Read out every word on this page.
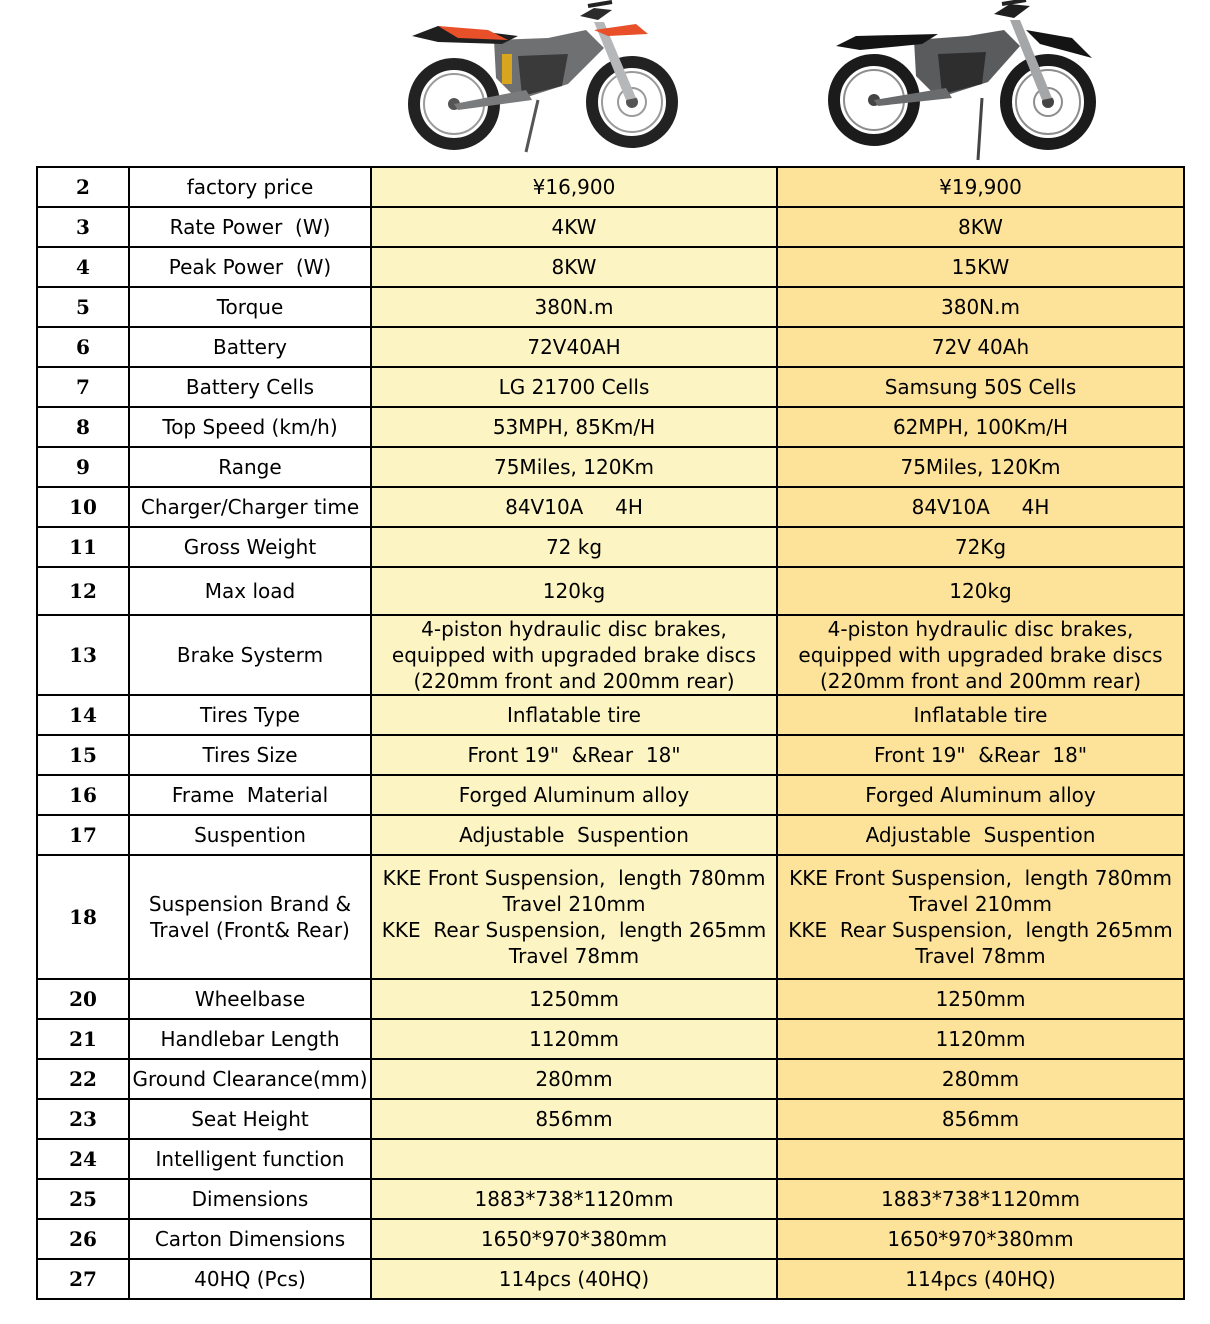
2	factory price	¥16,900	¥19,900
3	Rate Power  (W)	4KW	8KW
4	Peak Power  (W)	8KW	15KW
5	Torque	380N.m	380N.m
6	Battery	72V40AH	72V 40Ah
7	Battery Cells	LG 21700 Cells	Samsung 50S Cells
8	Top Speed (km/h)	53MPH, 85Km/H	62MPH, 100Km/H
9	Range	75Miles, 120Km	75Miles, 120Km
10	Charger/Charger time	84V10A     4H	84V10A     4H
11	Gross Weight	72 kg	72Kg
12	Max load	120kg	120kg
13	Brake Systerm	4-piston hydraulic disc brakes,
equipped with upgraded brake discs
(220mm front and 200mm rear)	4-piston hydraulic disc brakes,
equipped with upgraded brake discs
(220mm front and 200mm rear)

14	Tires Type	Inflatable tire	Inflatable tire
15	Tires Size	Front 19"  &Rear  18"	Front 19"  &Rear  18"
16	Frame  Material	Forged Aluminum alloy	Forged Aluminum alloy
17	Suspention	Adjustable  Suspention	Adjustable  Suspention
18	Suspension Brand &
Travel (Front& Rear)	KKE Front Suspension,  length 780mm
Travel 210mm
KKE  Rear Suspension,  length 265mm
Travel 78mm	KKE Front Suspension,  length 780mm
Travel 210mm
KKE  Rear Suspension,  length 265mm
Travel 78mm

20	Wheelbase	1250mm	1250mm
21	Handlebar Length	1120mm	1120mm
22	Ground Clearance(mm)	280mm	280mm
23	Seat Height	856mm	856mm
24	Intelligent function		
25	Dimensions	1883*738*1120mm	1883*738*1120mm
26	Carton Dimensions	1650*970*380mm	1650*970*380mm
27	40HQ (Pcs)	114pcs (40HQ)	114pcs (40HQ)
